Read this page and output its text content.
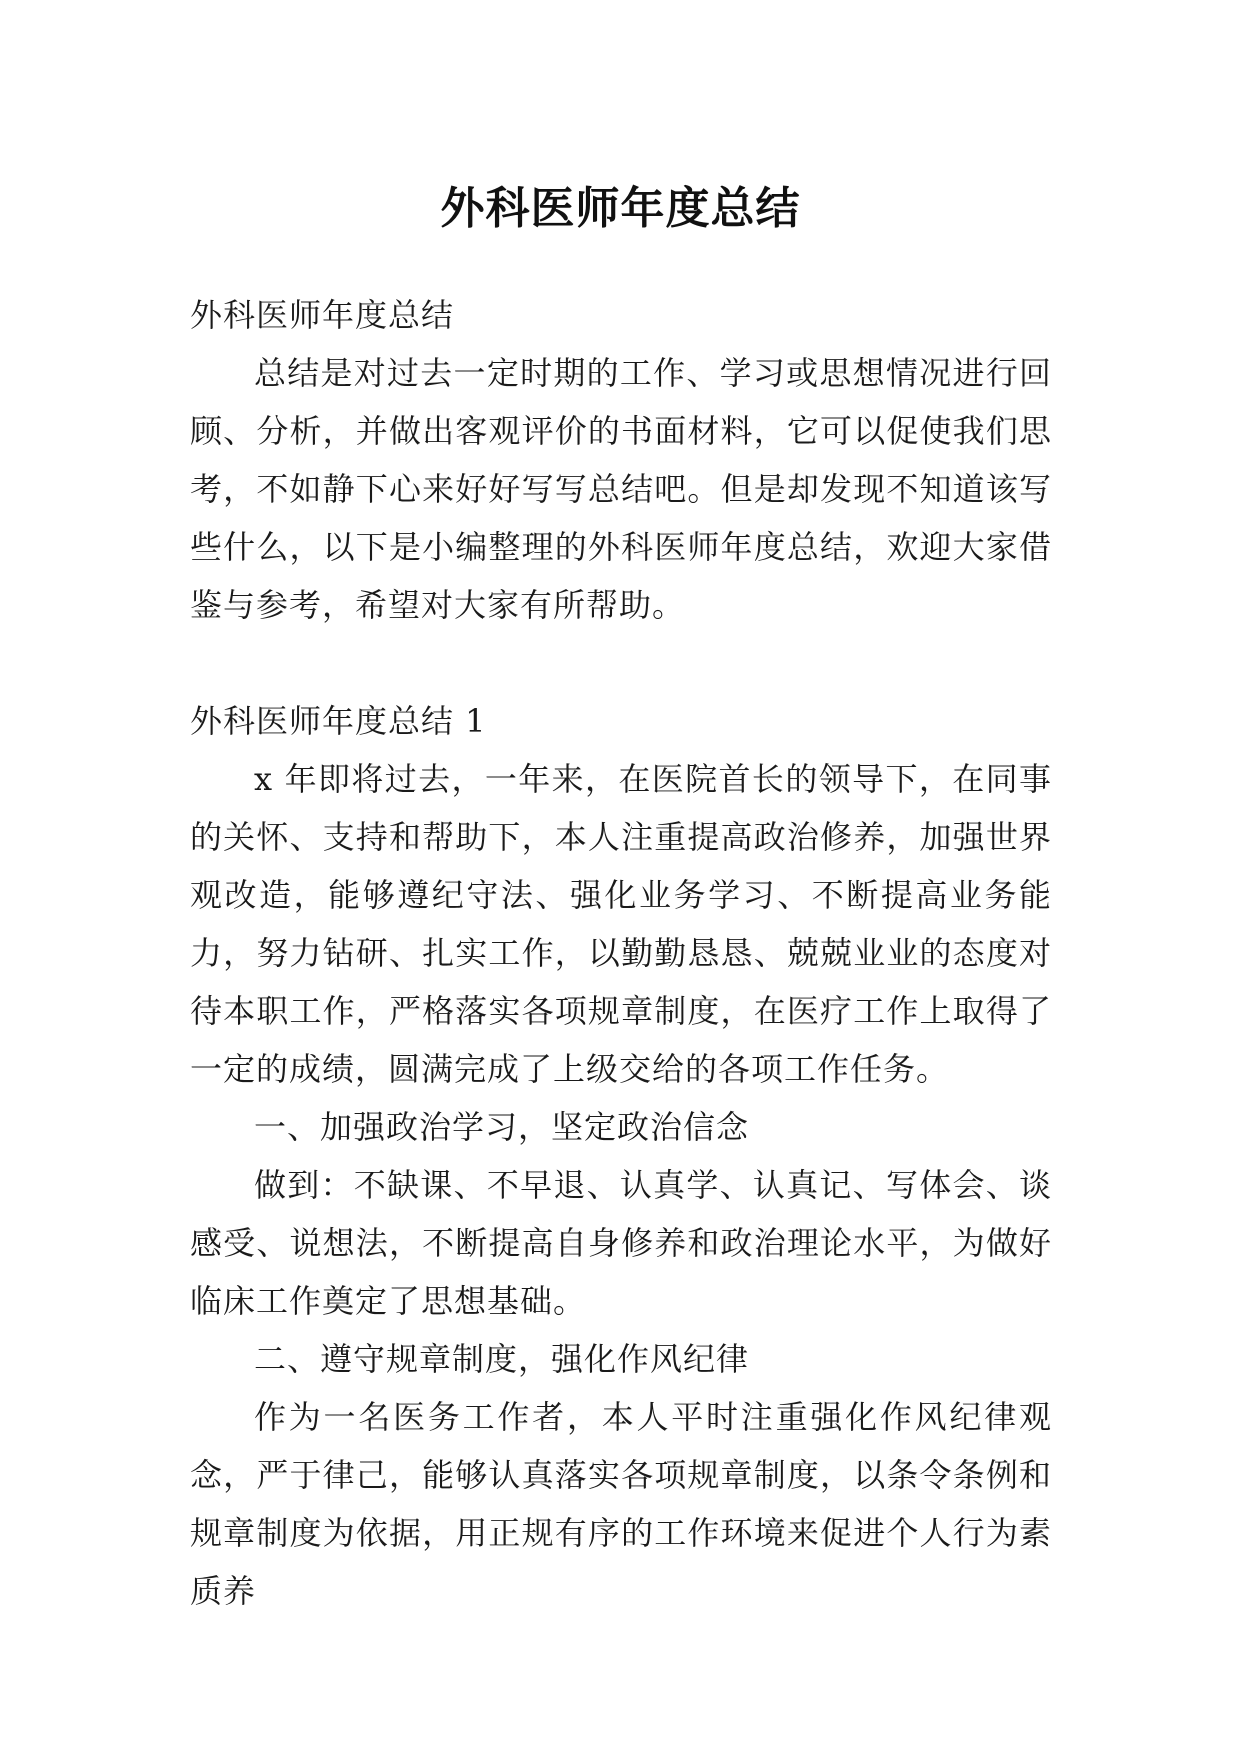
外科医师年度总结

外科医师年度总结

总结是对过去一定时期的工作、学习或思想情况进行回顾、分析，并做出客观评价的书面材料，它可以促使我们思考，不如静下心来好好写写总结吧。但是却发现不知道该写些什么，以下是小编整理的外科医师年度总结，欢迎大家借鉴与参考，希望对大家有所帮助。

外科医师年度总结 1

x 年即将过去，一年来，在医院首长的领导下，在同事的关怀、支持和帮助下，本人注重提高政治修养，加强世界观改造，能够遵纪守法、强化业务学习、不断提高业务能力，努力钻研、扎实工作，以勤勤恳恳、兢兢业业的态度对待本职工作，严格落实各项规章制度，在医疗工作上取得了一定的成绩，圆满完成了上级交给的各项工作任务。

一、加强政治学习，坚定政治信念

做到：不缺课、不早退、认真学、认真记、写体会、谈感受、说想法，不断提高自身修养和政治理论水平，为做好临床工作奠定了思想基础。

二、遵守规章制度，强化作风纪律

作为一名医务工作者，本人平时注重强化作风纪律观念，严于律己，能够认真落实各项规章制度，以条令条例和规章制度为依据，用正规有序的工作环境来促进个人行为素质养
